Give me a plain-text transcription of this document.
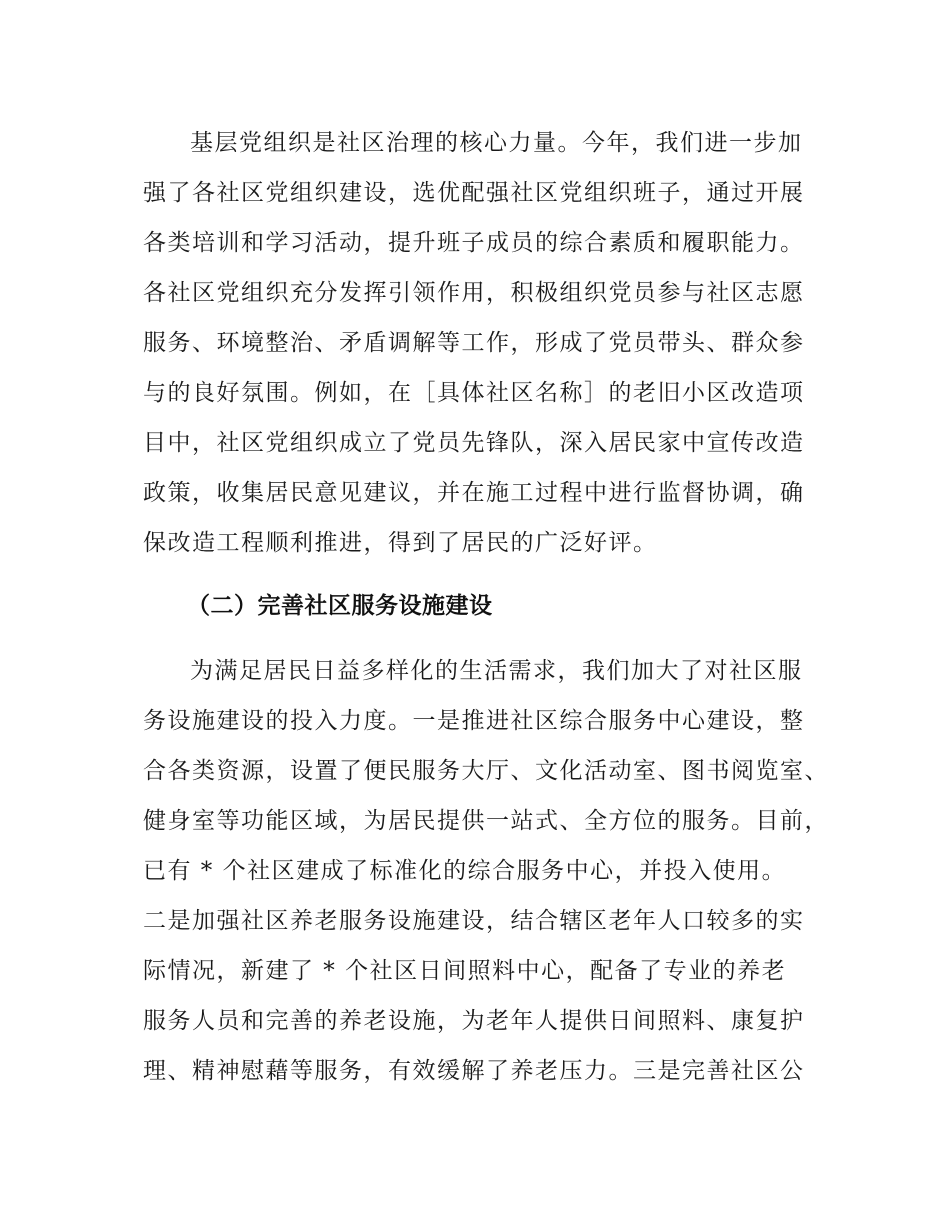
基层党组织是社区治理的核心力量。今年，我们进一步加
强了各社区党组织建设，选优配强社区党组织班子，通过开展
各类培训和学习活动，提升班子成员的综合素质和履职能力。
各社区党组织充分发挥引领作用，积极组织党员参与社区志愿
服务、环境整治、矛盾调解等工作，形成了党员带头、群众参
与的良好氛围。例如，在［具体社区名称］的老旧小区改造项
目中，社区党组织成立了党员先锋队，深入居民家中宣传改造
政策，收集居民意见建议，并在施工过程中进行监督协调，确
保改造工程顺利推进，得到了居民的广泛好评。
（二）完善社区服务设施建设
为满足居民日益多样化的生活需求，我们加大了对社区服
务设施建设的投入力度。一是推进社区综合服务中心建设，整
合各类资源，设置了便民服务大厅、文化活动室、图书阅览室、
健身室等功能区域，为居民提供一站式、全方位的服务。目前，
已有 * 个社区建成了标准化的综合服务中心，并投入使用。
二是加强社区养老服务设施建设，结合辖区老年人口较多的实
际情况，新建了 * 个社区日间照料中心，配备了专业的养老
服务人员和完善的养老设施，为老年人提供日间照料、康复护
理、精神慰藉等服务，有效缓解了养老压力。三是完善社区公
